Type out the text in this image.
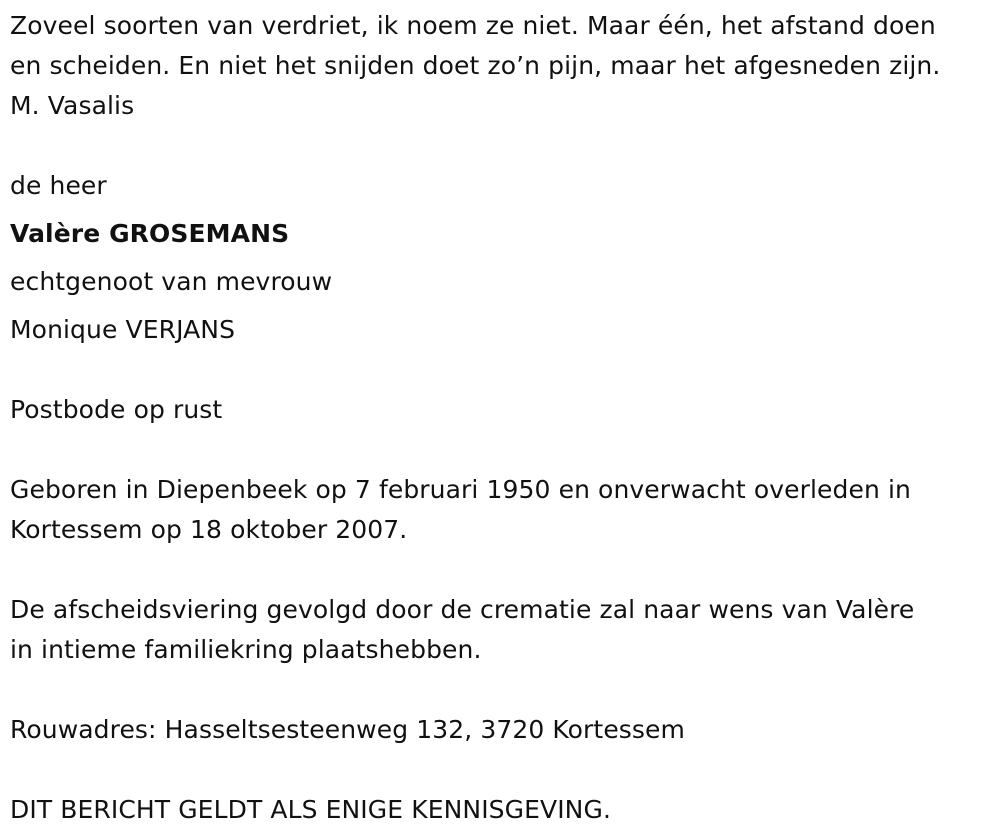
Zoveel soorten van verdriet, ik noem ze niet. Maar één, het afstand doen

en scheiden. En niet het snijden doet zo’n pijn, maar het afgesneden zijn.

M. Vasalis

de heer

Valère GROSEMANS

echtgenoot van mevrouw

Monique VERJANS

Postbode op rust

Geboren in Diepenbeek op 7 februari 1950 en onverwacht overleden in

Kortessem op 18 oktober 2007.

De afscheidsviering gevolgd door de crematie zal naar wens van Valère

in intieme familiekring plaatshebben.

Rouwadres: Hasseltsesteenweg 132, 3720 Kortessem

DIT BERICHT GELDT ALS ENIGE KENNISGEVING.
